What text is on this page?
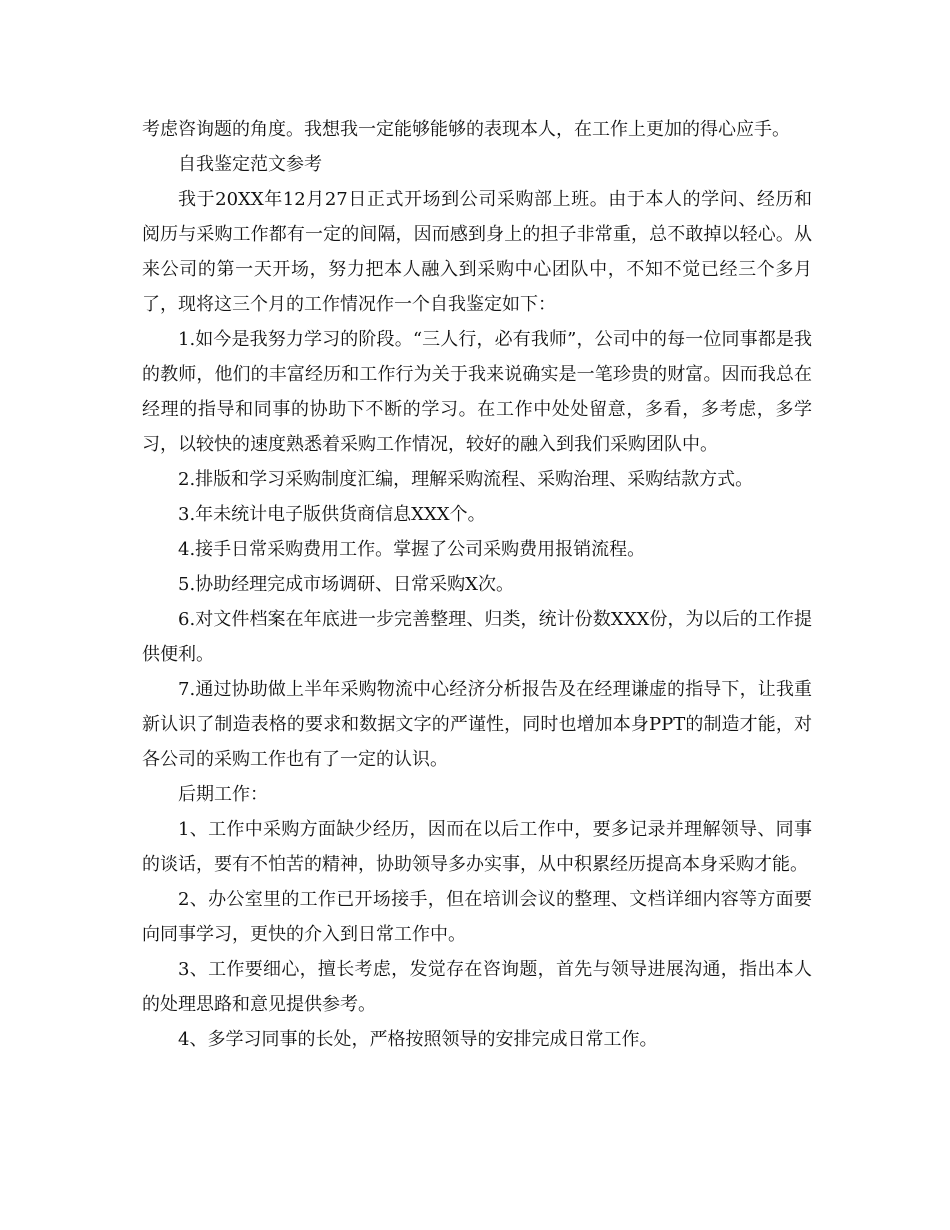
考虑咨询题的角度。我想我一定能够能够的表现本人，在工作上更加的得心应手。

自我鉴定范文参考

我于20XX年12月27日正式开场到公司采购部上班。由于本人的学问、经历和阅历与采购工作都有一定的间隔，因而感到身上的担子非常重，总不敢掉以轻心。从来公司的第一天开场，努力把本人融入到采购中心团队中，不知不觉已经三个多月了，现将这三个月的工作情况作一个自我鉴定如下：

1.如今是我努力学习的阶段。“三人行，必有我师”，公司中的每一位同事都是我的教师，他们的丰富经历和工作行为关于我来说确实是一笔珍贵的财富。因而我总在经理的指导和同事的协助下不断的学习。在工作中处处留意，多看，多考虑，多学习，以较快的速度熟悉着采购工作情况，较好的融入到我们采购团队中。

2.排版和学习采购制度汇编，理解采购流程、采购治理、采购结款方式。

3.年未统计电子版供货商信息XXX个。

4.接手日常采购费用工作。掌握了公司采购费用报销流程。

5.协助经理完成市场调研、日常采购X次。

6.对文件档案在年底进一步完善整理、归类，统计份数XXX份，为以后的工作提供便利。

7.通过协助做上半年采购物流中心经济分析报告及在经理谦虚的指导下，让我重新认识了制造表格的要求和数据文字的严谨性，同时也增加本身PPT的制造才能，对各公司的采购工作也有了一定的认识。

后期工作：

1、工作中采购方面缺少经历，因而在以后工作中，要多记录并理解领导、同事的谈话，要有不怕苦的精神，协助领导多办实事，从中积累经历提高本身采购才能。

2、办公室里的工作已开场接手，但在培训会议的整理、文档详细内容等方面要向同事学习，更快的介入到日常工作中。

3、工作要细心，擅长考虑，发觉存在咨询题，首先与领导进展沟通，指出本人的处理思路和意见提供参考。

4、多学习同事的长处，严格按照领导的安排完成日常工作。
